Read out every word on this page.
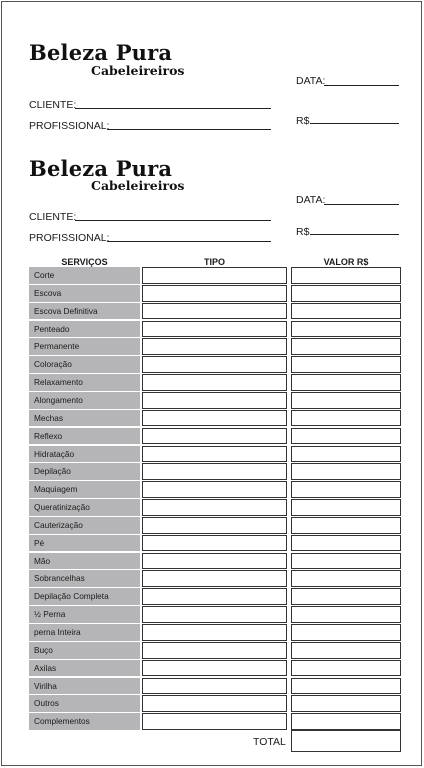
Beleza Pura
Cabeleireiros
DATA:
CLIENTE:
R$
PROFISSIONAL:
Beleza Pura
Cabeleireiros
DATA:
CLIENTE:
R$
PROFISSIONAL:
SERVIÇOS	TIPO	VALOR R$
Corte
Escova
Escova Definitiva
Penteado
Permanente
Coloração
Relaxamento
Alongamento
Mechas
Reflexo
Hidratação
Depilação
Maquiagem
Queratinização
Cauterização
Pé
Mão
Sobrancelhas
Depilação Completa
½ Perna
perna Inteira
Buço
Axilas
Virilha
Outros
Complementos
TOTAL
